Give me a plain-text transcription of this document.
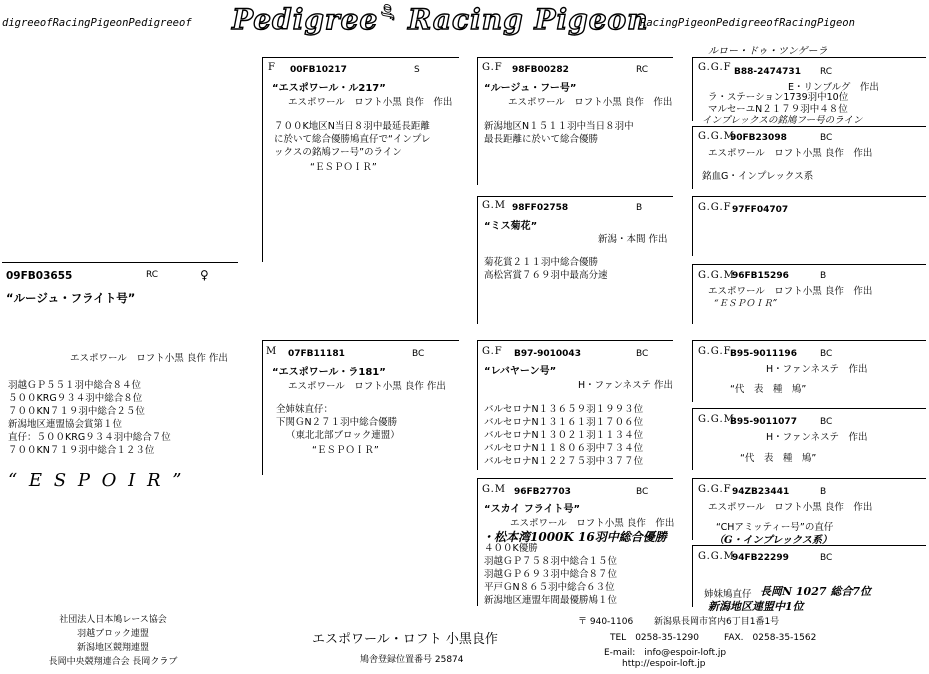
digreeofRacingPigeonPedigreeof Pedigree of Racing Pigeon
RacingPigeonPedigreeofRacingPigeon
09FB03655	RC	♀
“ルージュ・フライト号”
エスポワール　ロフト小黒 良作 作出
羽越ＧＰ５５１羽中総合８４位
５００KRG９３４羽中総合８位
７００KN７１９羽中総合２５位
新潟地区連盟協会賞第１位
直仔：５００KRG９３４羽中総合７位
７００KN７１９羽中総合１２３位
“ E S P O I R ”
F 00FB10217	S
“エスポワール・ル217”
エスポワール　ロフト小黒 良作　作出
７００K地区N当日８羽中最延長距離
に於いて総合優勝鳩直仔で“インプレ
ックスの銘鳩フー号”のライン
“ＥＳＰＯＩＲ”
M 07FB11181	BC
“エスポワール・ラ181”
エスポワール　ロフト小黒 良作 作出
全姉妹直仔：
下関ＧN２７１羽中総合優勝
（東北北部ブロック連盟）
“ＥＳＰＯＩＲ”
G.F 98FB00282	RC
“ルージュ・フー号”
エスポワール　ロフト小黒 良作　作出
新潟地区N１５１１羽中当日８羽中
最長距離に於いて総合優勝
G.M 98FF02758	B
“ミス菊花”
新潟・本間 作出
菊花賞２１１羽中総合優勝
高松宮賞７６９羽中最高分速
G.F B97-9010043	BC
“レバヤーン号”
H・ファンネステ 作出
バルセロナN１３６５９羽１９９３位
バルセロナN１３１６１羽１７０６位
バルセロナN１３０２１羽１１３４位
バルセロナN１１８０６羽中７３４位
バルセロナN１２２７５羽中３７７位
G.M 96FB27703	BC
“スカイ フライト号”
エスポワール　ロフト小黒 良作　作出
・松本湾1000K 16羽中総合優勝
４００K優勝
羽越ＧＰ７５８羽中総合１５位
羽越ＧＰ６９３羽中総合８７位
平戸ＧN８６５羽中総合６３位
新潟地区連盟年間最優勝鳩１位
G.G.F B88-2474731 RC
ルロー・ドゥ・ツンゲーラ
E・リンブルグ　作出
ラ・ステーション1739羽中10位
マルセーユN２１７９羽中４８位
インプレックスの銘鳩フー号のライン
G.G.M
90FB23098	BC
エスポワール　ロフト小黒 良作　作出
銘血G・インプレックス系
G.G.F 97FF04707
G.G.M
96FB15296	B
エスポワール　ロフト小黒 良作　作出
“ＥＳＰＯＩＲ”
G.G.F
B95-9011196	BC
H・ファンネステ　作出
“代　表　種　鳩”
G.G.M
B95-9011077	BC
H・ファンネステ　作出
“代　表　種　鳩”
G.G.F 94ZB23441	B
エスポワール　ロフト小黒 良作　作出
“CHアミッティー号”の直仔
（G・インプレックス系）
G.G.M
94FB22299	BC
姉妹鳩直仔 長岡N 1027 総合7位
新潟地区連盟中1位
社団法人日本鳩レース協会
羽越ブロック連盟
新潟地区競翔連盟
長岡中央競翔連合会 長岡クラブ
エスポワール・ロフト 小黒良作
鳩舎登録位置番号 25874
〒 940-1106 新潟県長岡市宮内6丁目1番1号
TEL　0258-35-1290	FAX.　0258-35-1562
E-mail:　info@espoir-loft.jp
http://espoir-loft.jp
